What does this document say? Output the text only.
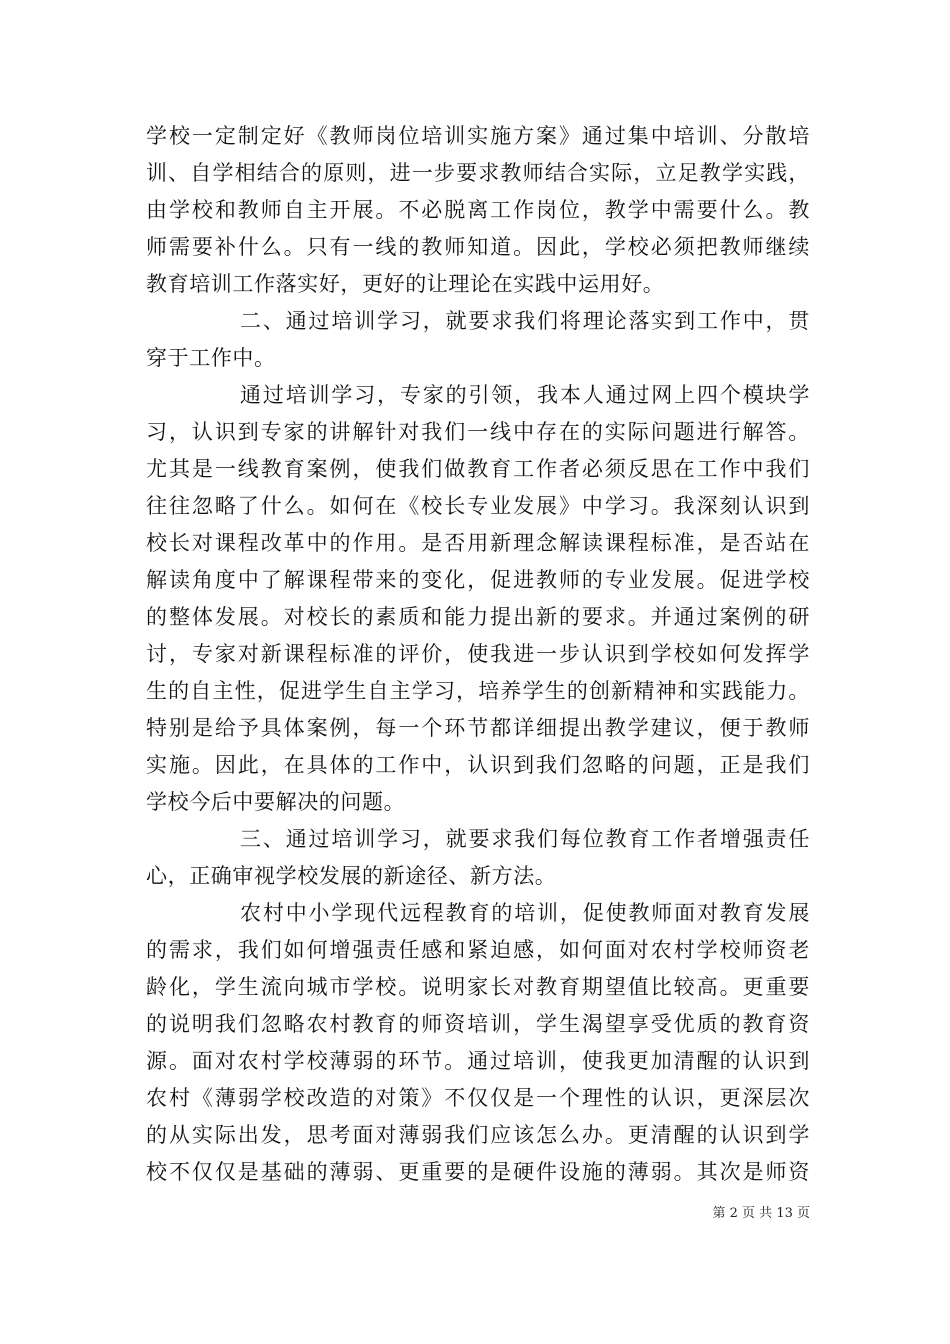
学校一定制定好《教师岗位培训实施方案》通过集中培训、分散培
训、自学相结合的原则，进一步要求教师结合实际，立足教学实践，
由学校和教师自主开展。不必脱离工作岗位，教学中需要什么。教
师需要补什么。只有一线的教师知道。因此，学校必须把教师继续
教育培训工作落实好，更好的让理论在实践中运用好。
二、通过培训学习，就要求我们将理论落实到工作中，贯
穿于工作中。
通过培训学习，专家的引领，我本人通过网上四个模块学
习，认识到专家的讲解针对我们一线中存在的实际问题进行解答。
尤其是一线教育案例，使我们做教育工作者必须反思在工作中我们
往往忽略了什么。如何在《校长专业发展》中学习。我深刻认识到
校长对课程改革中的作用。是否用新理念解读课程标准，是否站在
解读角度中了解课程带来的变化，促进教师的专业发展。促进学校
的整体发展。对校长的素质和能力提出新的要求。并通过案例的研
讨，专家对新课程标准的评价，使我进一步认识到学校如何发挥学
生的自主性，促进学生自主学习，培养学生的创新精神和实践能力。
特别是给予具体案例，每一个环节都详细提出教学建议，便于教师
实施。因此，在具体的工作中，认识到我们忽略的问题，正是我们
学校今后中要解决的问题。
三、通过培训学习，就要求我们每位教育工作者增强责任
心，正确审视学校发展的新途径、新方法。
农村中小学现代远程教育的培训，促使教师面对教育发展
的需求，我们如何增强责任感和紧迫感，如何面对农村学校师资老
龄化，学生流向城市学校。说明家长对教育期望值比较高。更重要
的说明我们忽略农村教育的师资培训，学生渴望享受优质的教育资
源。面对农村学校薄弱的环节。通过培训，使我更加清醒的认识到
农村《薄弱学校改造的对策》不仅仅是一个理性的认识，更深层次
的从实际出发，思考面对薄弱我们应该怎么办。更清醒的认识到学
校不仅仅是基础的薄弱、更重要的是硬件设施的薄弱。其次是师资
第 2 页 共 13 页
